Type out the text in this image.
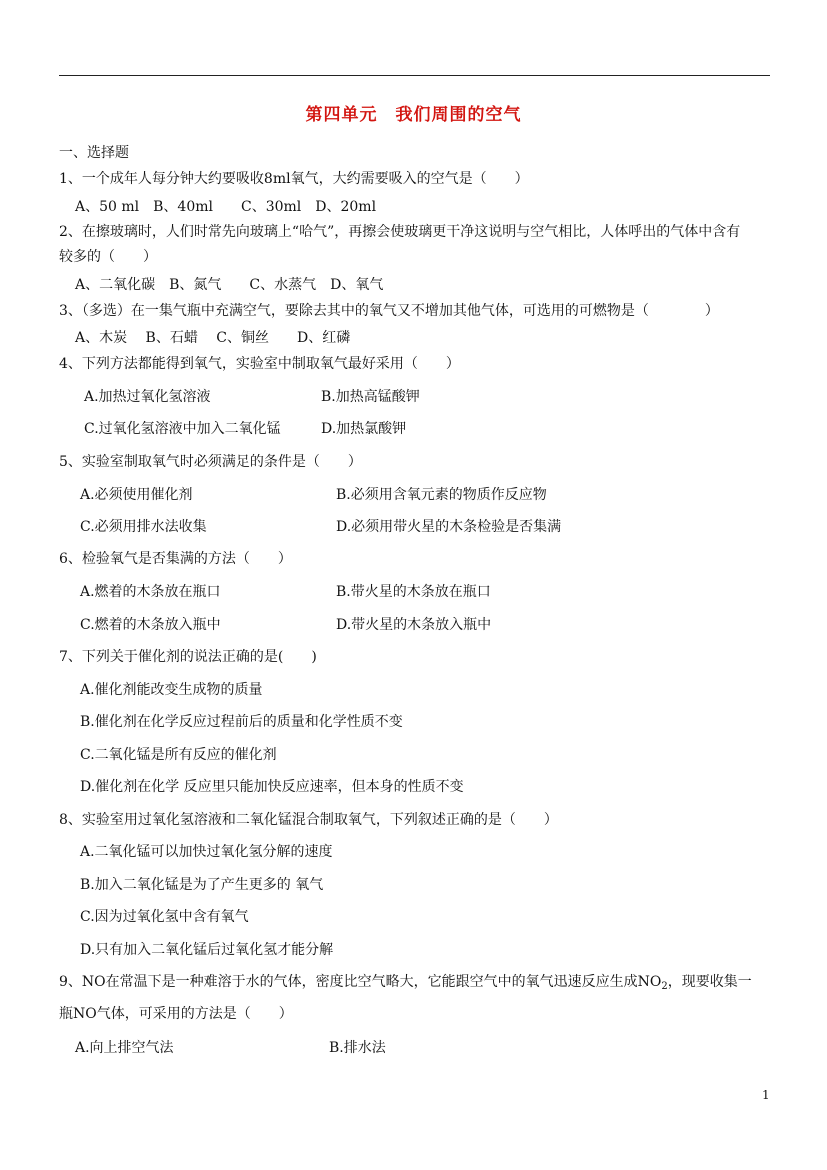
第四单元　我们周围的空气
一、选择题
1、一个成年人每分钟大约要吸收8ml氧气，大约需要吸入的空气是（　　）
A、50 ml　B、40ml　　C、30ml　D、20ml
2、在擦玻璃时，人们时常先向玻璃上“哈气”，再擦会使玻璃更干净这说明与空气相比，人体呼出的气体中含有
较多的（　　）
A、二氧化碳　B、氮气　　C、水蒸气　D、氧气
3、（多选）在一集气瓶中充满空气，要除去其中的氧气又不增加其他气体，可选用的可燃物是（　　　　）
A、木炭　 B、石蜡　 C、铜丝　　D、红磷
4、下列方法都能得到氧气，实验室中制取氧气最好采用（　　）
A.加热过氧化氢溶液	B.加热高锰酸钾
C.过氧化氢溶液中加入二氧化锰	D.加热氯酸钾
5、实验室制取氧气时必须满足的条件是（　　）
A.必须使用催化剂	B.必须用含氧元素的物质作反应物
C.必须用排水法收集	D.必须用带火星的木条检验是否集满
6、检验氧气是否集满的方法（　　）
A.燃着的木条放在瓶口	B.带火星的木条放在瓶口
C.燃着的木条放入瓶中	D.带火星的木条放入瓶中
7、下列关于催化剂的说法正确的是(　　)
A.催化剂能改变生成物的质量
B.催化剂在化学反应过程前后的质量和化学性质不变
C.二氧化锰是所有反应的催化剂
D.催化剂在化学 反应里只能加快反应速率，但本身的性质不变
8、实验室用过氧化氢溶液和二氧化锰混合制取氧气，下列叙述正确的是（　　）
A.二氧化锰可以加快过氧化氢分解的速度
B.加入二氧化锰是为了产生更多的 氧气
C.因为过氧化氢中含有氧气
D.只有加入二氧化锰后过氧化氢才能分解
9、NO在常温下是一种难溶于水的气体，密度比空气略大，它能跟空气中的氧气迅速反应生成$NO_2$，现要收集一
瓶NO气体，可采用的方法是（　　）
A.向上排空气法	B.排水法
1
